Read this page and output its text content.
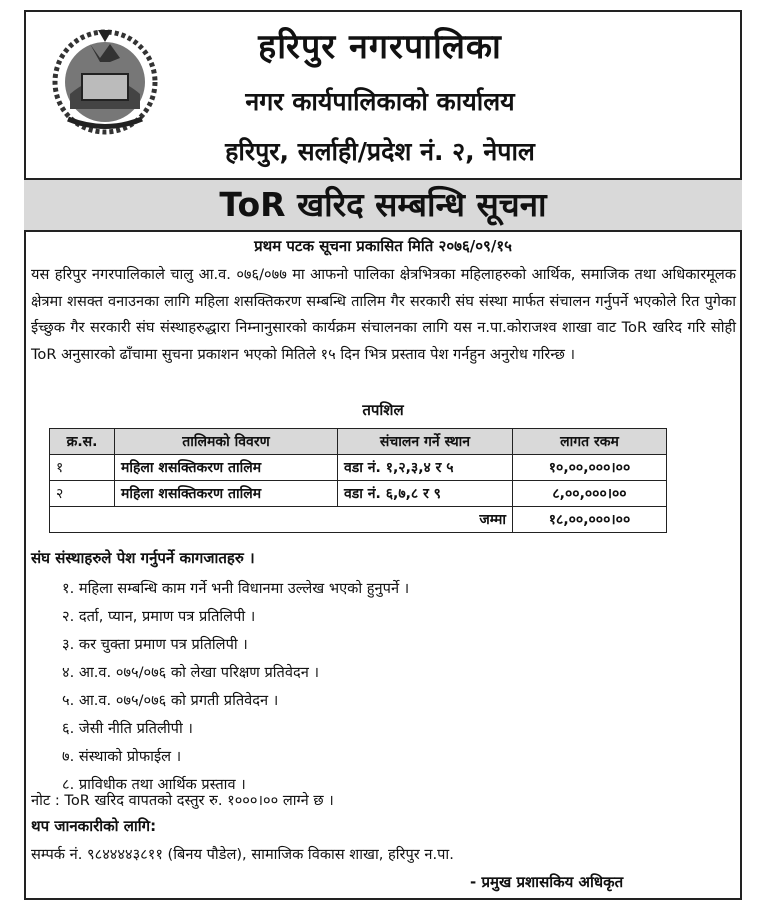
हरिपुर नगरपालिका
नगर कार्यपालिकाको कार्यालय
हरिपुर, सर्लाही/प्रदेश नं. २, नेपाल
ToR खरिद सम्बन्धि सूचना
प्रथम पटक सूचना प्रकासित मिति २०७६/०९/१५
यस हरिपुर नगरपालिकाले चालु आ.व. ०७६/०७७ मा आफनो पालिका क्षेत्रभित्रका महिलाहरुको आर्थिक, समाजिक तथा अधिकारमूलक क्षेत्रमा शसक्त वनाउनका लागि महिला शसक्तिकरण सम्बन्धि तालिम गैर सरकारी संघ संस्था मार्फत संचालन गर्नुपर्ने भएकोले रित पुगेका ईच्छुक गैर सरकारी संघ संस्थाहरुद्धारा निम्नानुसारको कार्यक्रम संचालनका लागि यस न.पा.कोराजश्व शाखा वाट ToR खरिद गरि सोही ToR अनुसारको ढाँचामा सुचना प्रकाशन भएको मितिले १५ दिन भित्र प्रस्ताव पेश गर्नहुन अनुरोध गरिन्छ ।
तपशिल
क्र.स.	तालिमको विवरण	संचालन गर्ने स्थान	लागत रकम
१	महिला शसक्तिकरण तालिम	वडा नं. १,२,३,४ र ५	१०,००,०००।००
२	महिला शसक्तिकरण तालिम	वडा नं. ६,७,८ र ९	८,००,०००।००
जम्मा			१८,००,०००।००
संघ संस्थाहरुले पेश गर्नुपर्ने कागजातहरु ।
१. महिला सम्बन्धि काम गर्ने भनी विधानमा उल्लेख भएको हुनुपर्ने ।
२. दर्ता, प्यान, प्रमाण पत्र प्रतिलिपी ।
३. कर चुक्ता प्रमाण पत्र प्रतिलिपी ।
४. आ.व. ०७५/०७६ को लेखा परिक्षण प्रतिवेदन ।
५. आ.व. ०७५/०७६ को प्रगती प्रतिवेदन ।
६. जेसी नीति प्रतिलीपी ।
७. संस्थाको प्रोफाईल ।
८. प्राविधीक तथा आर्थिक प्रस्ताव ।
नोट : ToR खरिद वापतको दस्तुर रु. १०००।०० लाग्ने छ ।
थप जानकारीको लागि:
सम्पर्क नं. ९८४४४४३८११ (बिनय पौडेल), सामाजिक विकास शाखा, हरिपुर न.पा.
- प्रमुख प्रशासकिय अधिकृत
